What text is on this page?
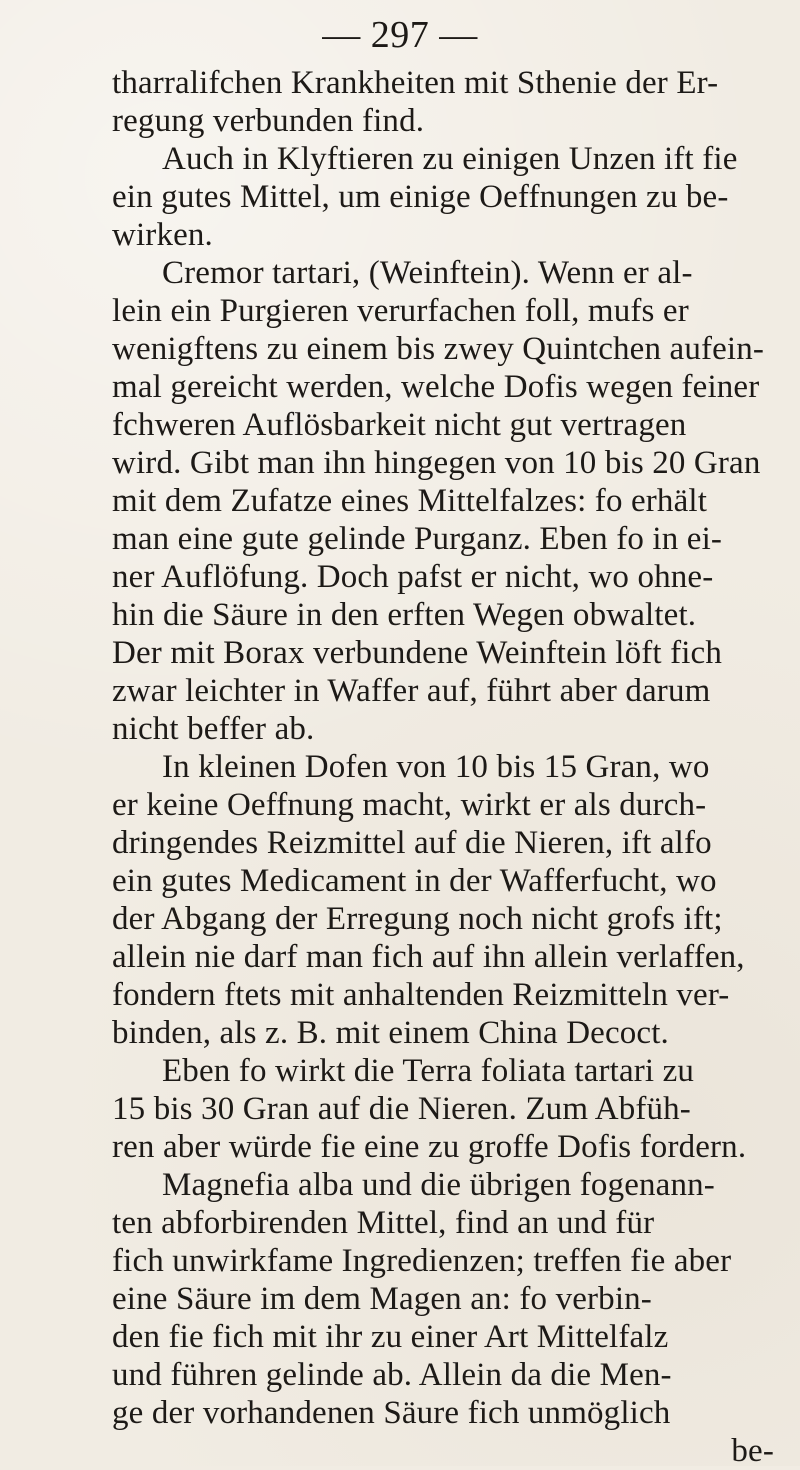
— 297 —
tharralifchen Krankheiten mit Sthenie der Er-
regung verbunden find.
Auch in Klyftieren zu einigen Unzen ift fie
ein gutes Mittel, um einige Oeffnungen zu be-
wirken.
Cremor tartari, (Weinftein). Wenn er al-
lein ein Purgieren verurfachen foll, mufs er
wenigftens zu einem bis zwey Quintchen aufein-
mal gereicht werden, welche Dofis wegen feiner
fchweren Auflösbarkeit nicht gut vertragen
wird. Gibt man ihn hingegen von 10 bis 20 Gran
mit dem Zufatze eines Mittelfalzes: fo erhält
man eine gute gelinde Purganz. Eben fo in ei-
ner Auflöfung. Doch pafst er nicht, wo ohne-
hin die Säure in den erften Wegen obwaltet.
Der mit Borax verbundene Weinftein löft fich
zwar leichter in Waffer auf, führt aber darum
nicht beffer ab.
In kleinen Dofen von 10 bis 15 Gran, wo
er keine Oeffnung macht, wirkt er als durch-
dringendes Reizmittel auf die Nieren, ift alfo
ein gutes Medicament in der Wafferfucht, wo
der Abgang der Erregung noch nicht grofs ift;
allein nie darf man fich auf ihn allein verlaffen,
fondern ftets mit anhaltenden Reizmitteln ver-
binden, als z. B. mit einem China Decoct.
Eben fo wirkt die Terra foliata tartari zu
15 bis 30 Gran auf die Nieren. Zum Abfüh-
ren aber würde fie eine zu groffe Dofis fordern.
Magnefia alba und die übrigen fogenann-
ten abforbirenden Mittel, find an und für
fich unwirkfame Ingredienzen; treffen fie aber
eine Säure im dem Magen an: fo verbin-
den fie fich mit ihr zu einer Art Mittelfalz
und führen gelinde ab. Allein da die Men-
ge der vorhandenen Säure fich unmöglich
be-
